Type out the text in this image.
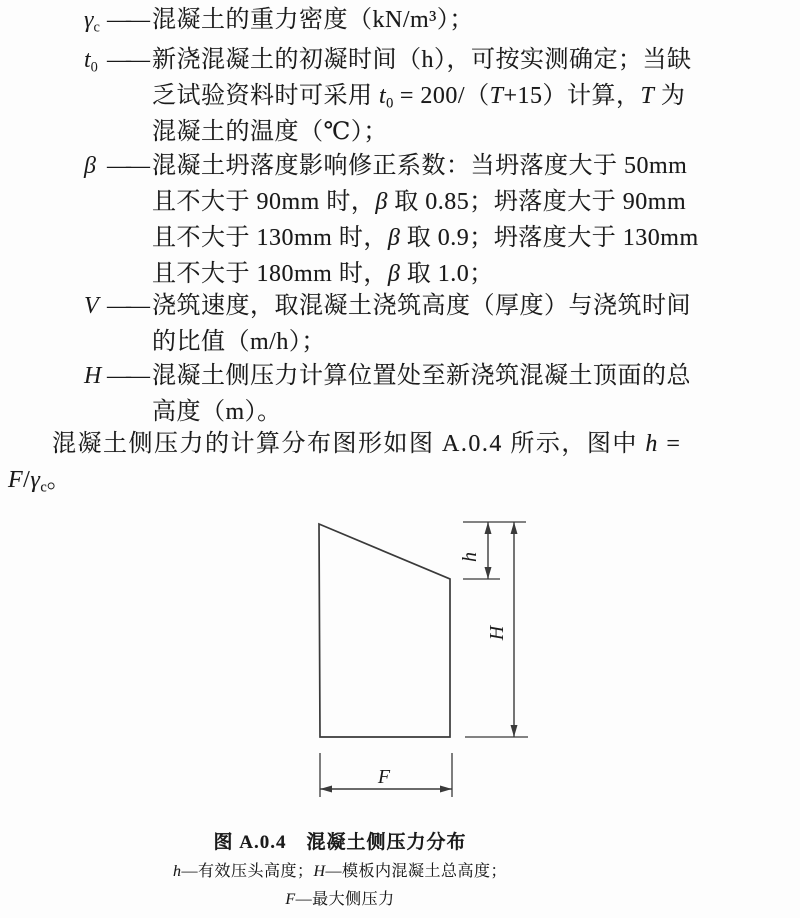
γc —— 混凝土的重力密度（kN/m³）；
t0 —— 新浇混凝土的初凝时间（h），可按实测确定；当缺
乏试验资料时可采用 t0 = 200/（T+15）计算，T 为
混凝土的温度（℃）；
β —— 混凝土坍落度影响修正系数：当坍落度大于 50mm
且不大于 90mm 时，β 取 0.85；坍落度大于 90mm
且不大于 130mm 时，β 取 0.9；坍落度大于 130mm
且不大于 180mm 时，β 取 1.0；
V —— 浇筑速度，取混凝土浇筑高度（厚度）与浇筑时间
的比值（m/h）；
H —— 混凝土侧压力计算位置处至新浇筑混凝土顶面的总
高度（m）。
混凝土侧压力的计算分布图形如图 A.0.4 所示，图中 h =
F/γc。
h
H
F
图 A.0.4　混凝土侧压力分布
h—有效压头高度；H—模板内混凝土总高度；
F—最大侧压力
